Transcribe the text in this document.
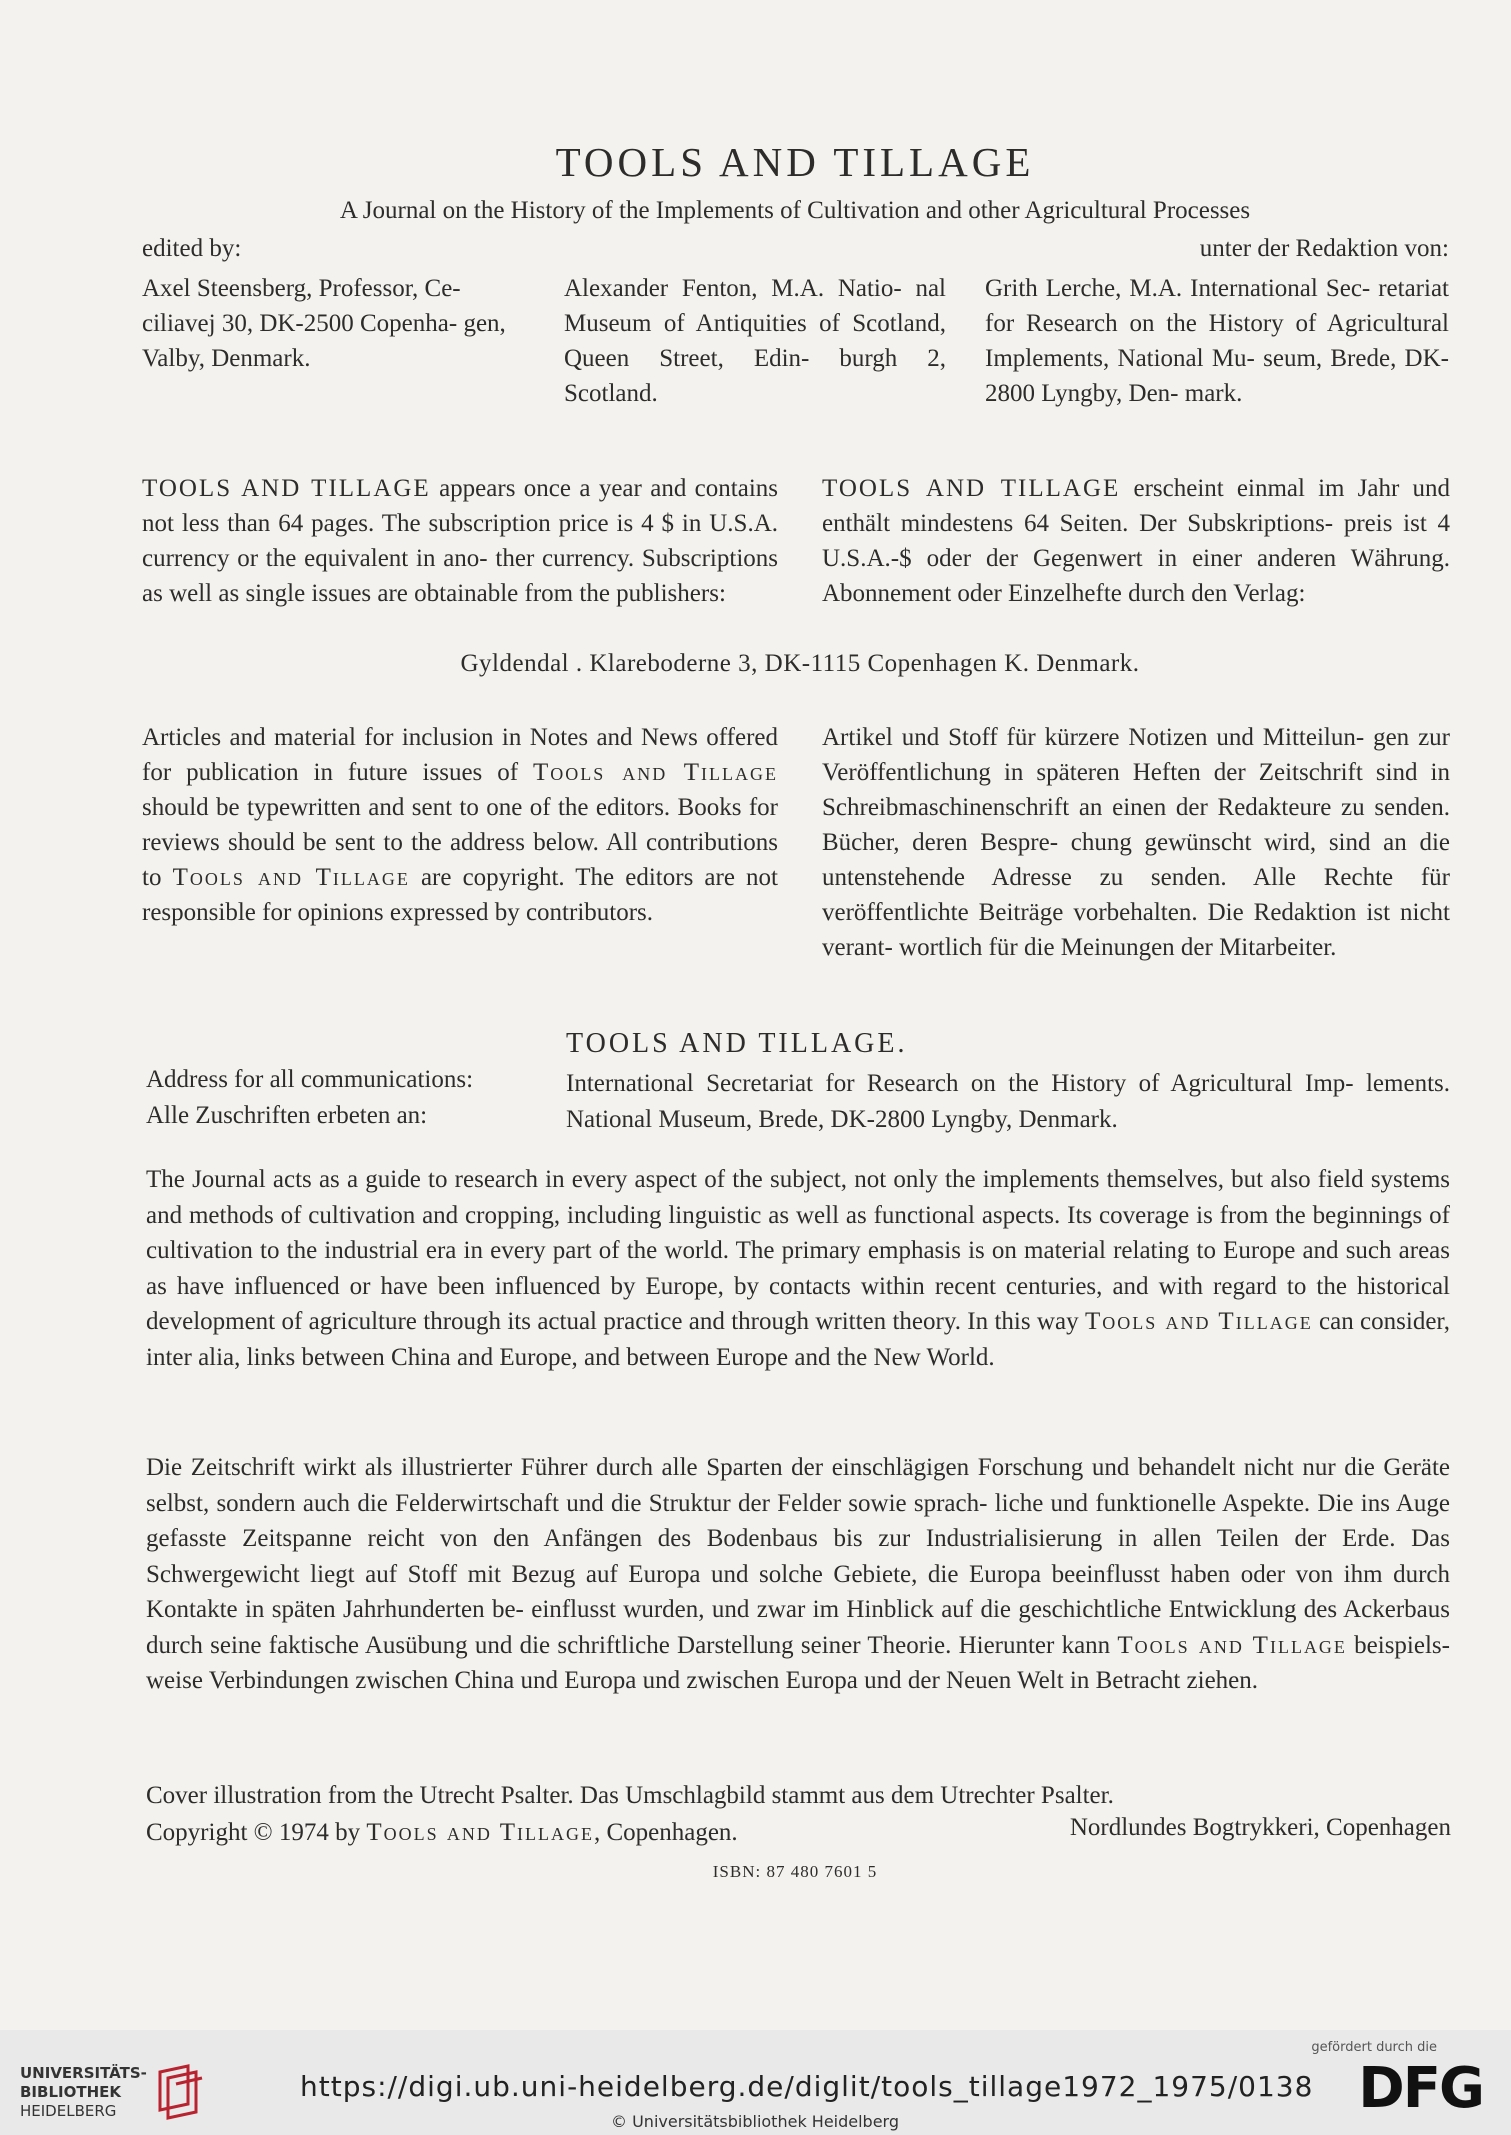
TOOLS AND TILLAGE
A Journal on the History of the Implements of Cultivation and other Agricultural Processes
edited by:	unter der Redaktion von:
Axel Steensberg, Professor, Ce- ciliavej 30, DK-2500 Copenha- gen, Valby, Denmark.
Alexander Fenton, M.A. Natio- nal Museum of Antiquities of Scotland, Queen Street, Edin- burgh 2, Scotland.
Grith Lerche, M.A. International Sec- retariat for Research on the History of Agricultural Implements, National Mu- seum, Brede, DK-2800 Lyngby, Den- mark.
TOOLS AND TILLAGE appears once a year and contains not less than 64 pages. The subscription price is 4 $ in U.S.A. currency or the equivalent in ano- ther currency. Subscriptions as well as single issues are obtainable from the publishers:
TOOLS AND TILLAGE erscheint einmal im Jahr und enthält mindestens 64 Seiten. Der Subskriptions- preis ist 4 U.S.A.-$ oder der Gegenwert in einer anderen Währung. Abonnement oder Einzelhefte durch den Verlag:
Gyldendal . Klareboderne 3, DK-1115 Copenhagen K. Denmark.
Articles and material for inclusion in Notes and News offered for publication in future issues of Tools and Tillage should be typewritten and sent to one of the editors. Books for reviews should be sent to the address below. All contributions to Tools and Tillage are copyright. The editors are not responsible for opinions expressed by contributors.
Artikel und Stoff für kürzere Notizen und Mitteilun- gen zur Veröffentlichung in späteren Heften der Zeitschrift sind in Schreibmaschinenschrift an einen der Redakteure zu senden. Bücher, deren Bespre- chung gewünscht wird, sind an die untenstehende Adresse zu senden. Alle Rechte für veröffentlichte Beiträge vorbehalten. Die Redaktion ist nicht verant- wortlich für die Meinungen der Mitarbeiter.
TOOLS AND TILLAGE.
Address for all communications:
Alle Zuschriften erbeten an:
International Secretariat for Research on the History of Agricultural Imp- lements. National Museum, Brede, DK-2800 Lyngby, Denmark.
The Journal acts as a guide to research in every aspect of the subject, not only the implements themselves, but also field systems and methods of cultivation and cropping, including linguistic as well as functional aspects. Its coverage is from the beginnings of cultivation to the industrial era in every part of the world. The primary emphasis is on material relating to Europe and such areas as have influenced or have been influenced by Europe, by contacts within recent centuries, and with regard to the historical development of agriculture through its actual practice and through written theory. In this way Tools and Tillage can consider, inter alia, links between China and Europe, and between Europe and the New World.
Die Zeitschrift wirkt als illustrierter Führer durch alle Sparten der einschlägigen Forschung und behandelt nicht nur die Geräte selbst, sondern auch die Felderwirtschaft und die Struktur der Felder sowie sprach- liche und funktionelle Aspekte. Die ins Auge gefasste Zeitspanne reicht von den Anfängen des Bodenbaus bis zur Industrialisierung in allen Teilen der Erde. Das Schwergewicht liegt auf Stoff mit Bezug auf Europa und solche Gebiete, die Europa beeinflusst haben oder von ihm durch Kontakte in späten Jahrhunderten be- einflusst wurden, und zwar im Hinblick auf die geschichtliche Entwicklung des Ackerbaus durch seine faktische Ausübung und die schriftliche Darstellung seiner Theorie. Hierunter kann Tools and Tillage beispiels- weise Verbindungen zwischen China und Europa und zwischen Europa und der Neuen Welt in Betracht ziehen.
Cover illustration from the Utrecht Psalter. Das Umschlagbild stammt aus dem Utrechter Psalter.
Copyright © 1974 by Tools and Tillage, Copenhagen.	Nordlundes Bogtrykkeri, Copenhagen
ISBN: 87 480 7601 5
UNIVERSITÄTS-
BIBLIOTHEK
HEIDELBERG
https://digi.ub.uni-heidelberg.de/diglit/tools_tillage1972_1975/0138
© Universitätsbibliothek Heidelberg
gefördert durch die
DFG
